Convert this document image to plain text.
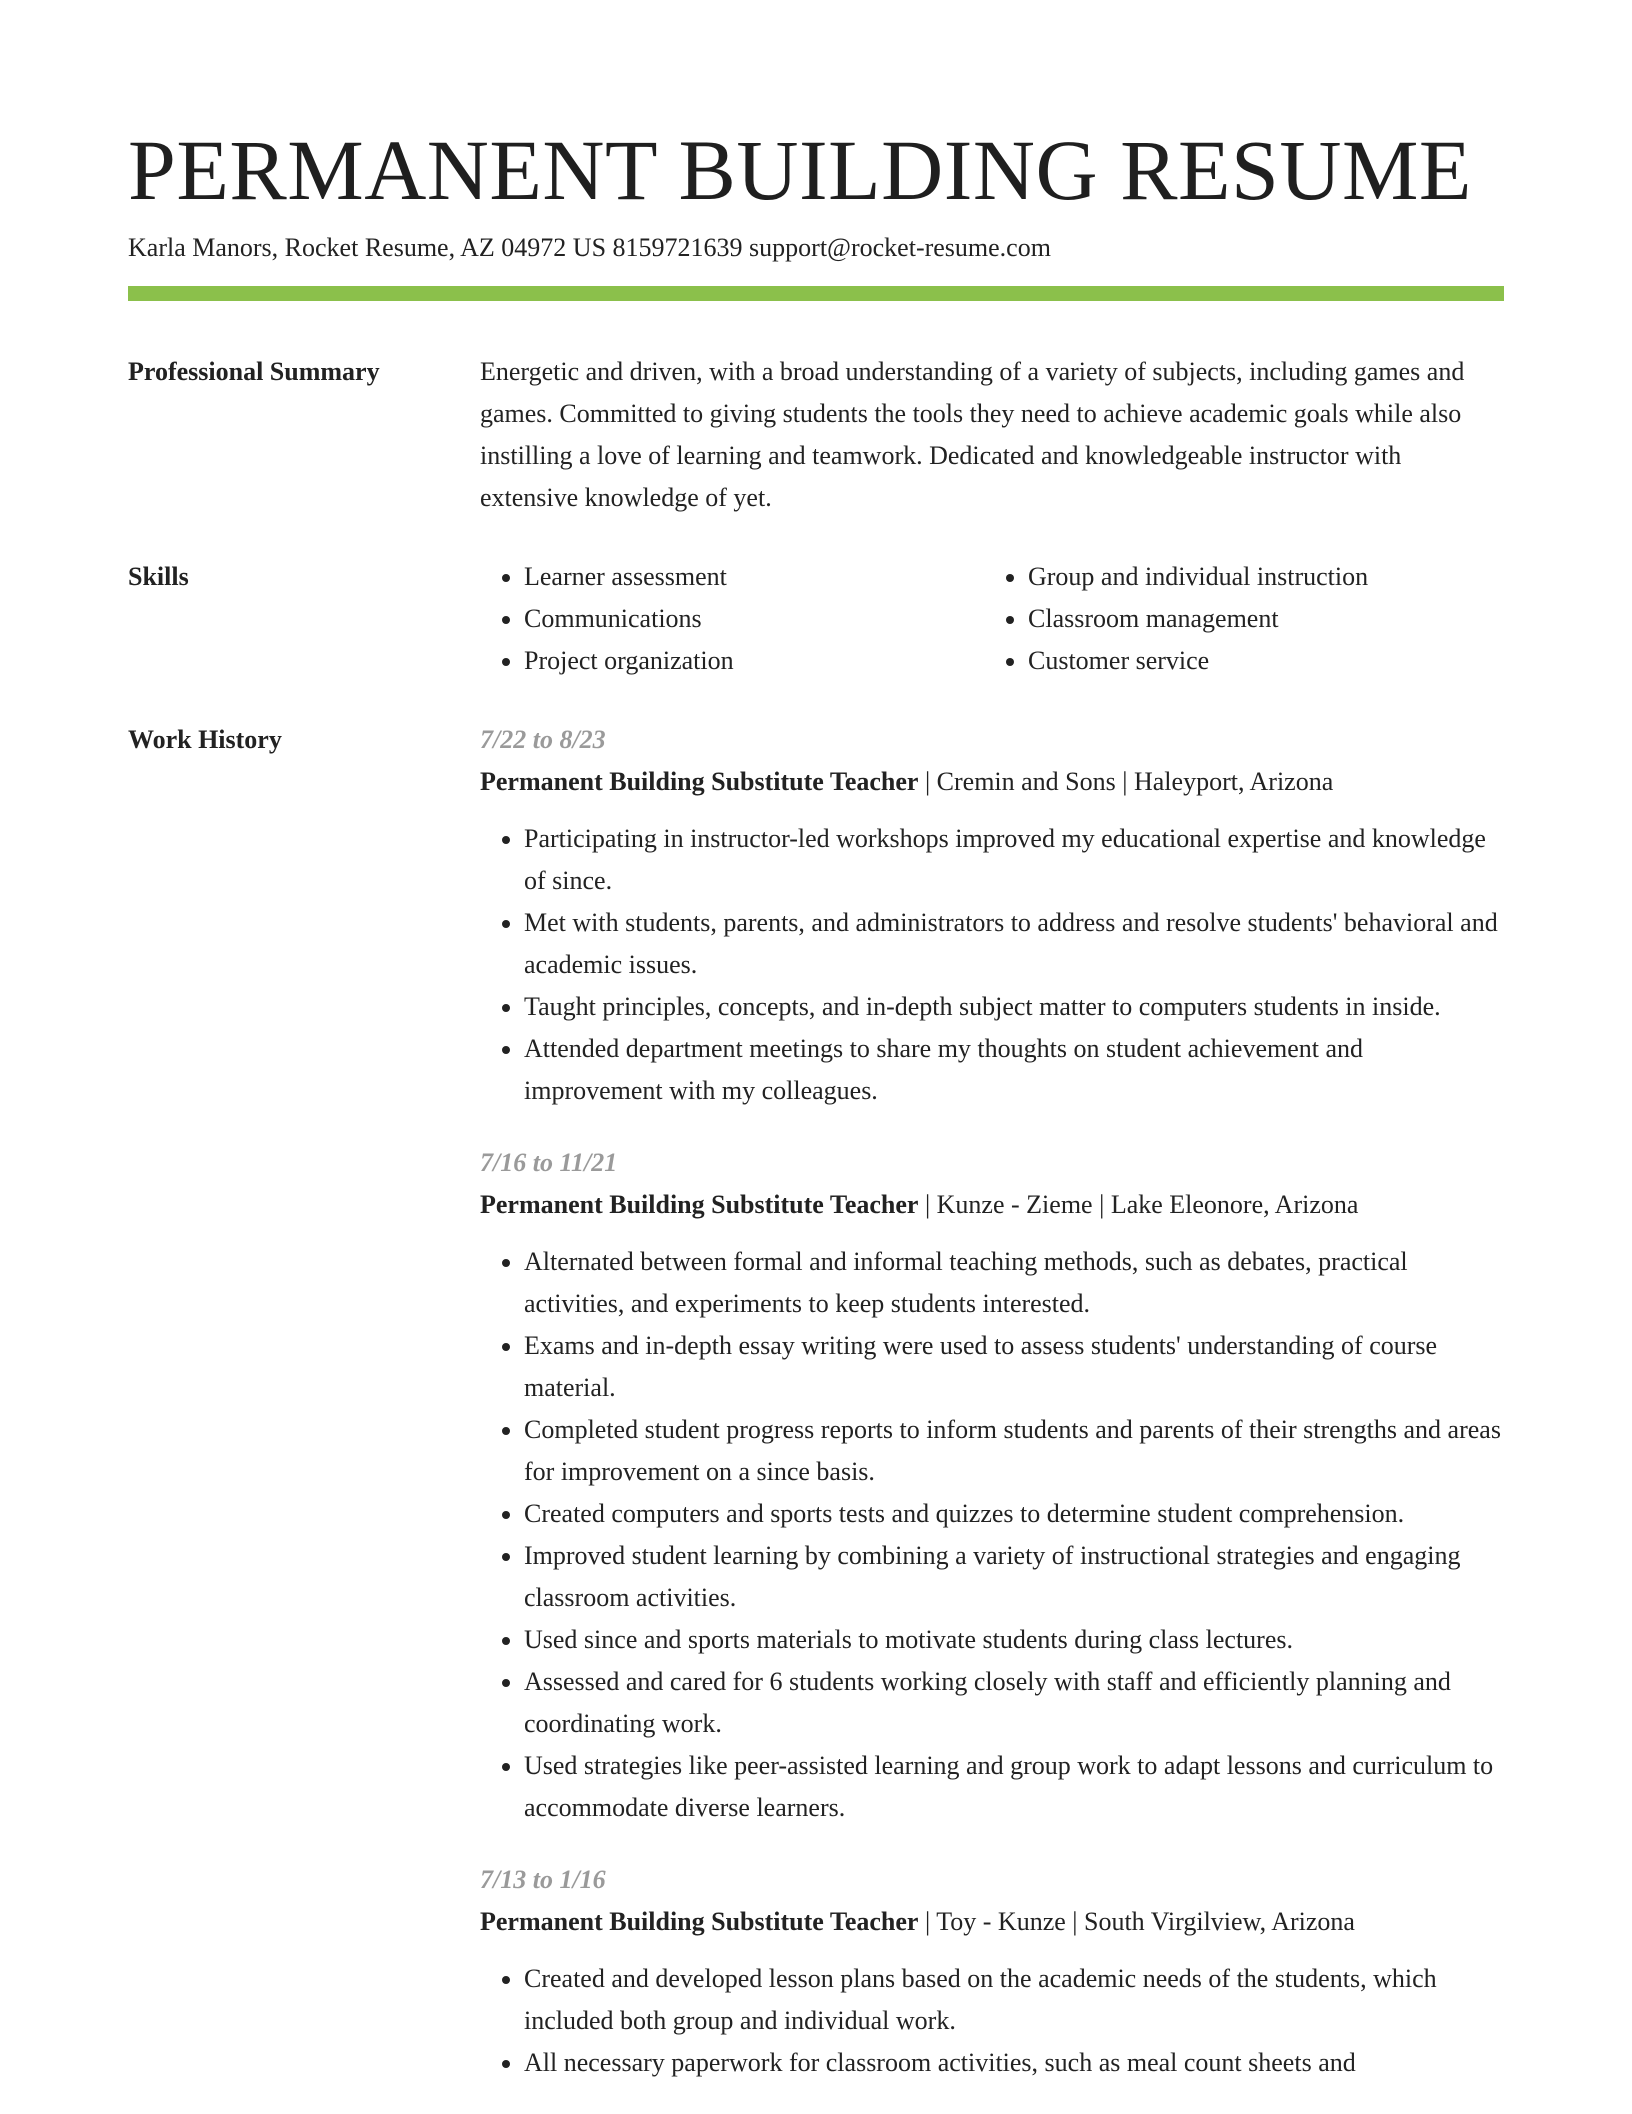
PERMANENT BUILDING RESUME
Karla Manors, Rocket Resume, AZ 04972 US 8159721639 support@rocket-resume.com
Professional Summary	Energetic and driven, with a broad understanding of a variety of subjects, including games and games. Committed to giving students the tools they need to achieve academic goals while also instilling a love of learning and teamwork. Dedicated and knowledgeable instructor with extensive knowledge of yet.

Skills
•	Learner assessment
• Communications
• Project organization
• Group and individual instruction
• Classroom management
• Customer service
Work History	7/22 to 8/23

Permanent Building Substitute Teacher | Cremin and Sons | Haleyport, Arizona

• Participating in instructor-led workshops improved my educational expertise and knowledge of since.
• Met with students, parents, and administrators to address and resolve students' behavioral and academic issues.
• Taught principles, concepts, and in-depth subject matter to computers students in inside.
• Attended department meetings to share my thoughts on student achievement and improvement with my colleagues.
7/16 to 11/21

Permanent Building Substitute Teacher | Kunze - Zieme | Lake Eleonore, Arizona

• Alternated between formal and informal teaching methods, such as debates, practical activities, and experiments to keep students interested.
• Exams and in-depth essay writing were used to assess students' understanding of course material.
• Completed student progress reports to inform students and parents of their strengths and areas for improvement on a since basis.
• Created computers and sports tests and quizzes to determine student comprehension.
• Improved student learning by combining a variety of instructional strategies and engaging classroom activities.
• Used since and sports materials to motivate students during class lectures.
• Assessed and cared for 6 students working closely with staff and efficiently planning and coordinating work.
• Used strategies like peer-assisted learning and group work to adapt lessons and curriculum to accommodate diverse learners.
7/13 to 1/16

Permanent Building Substitute Teacher | Toy - Kunze | South Virgilview, Arizona

• Created and developed lesson plans based on the academic needs of the students, which included both group and individual work.
• All necessary paperwork for classroom activities, such as meal count sheets and
